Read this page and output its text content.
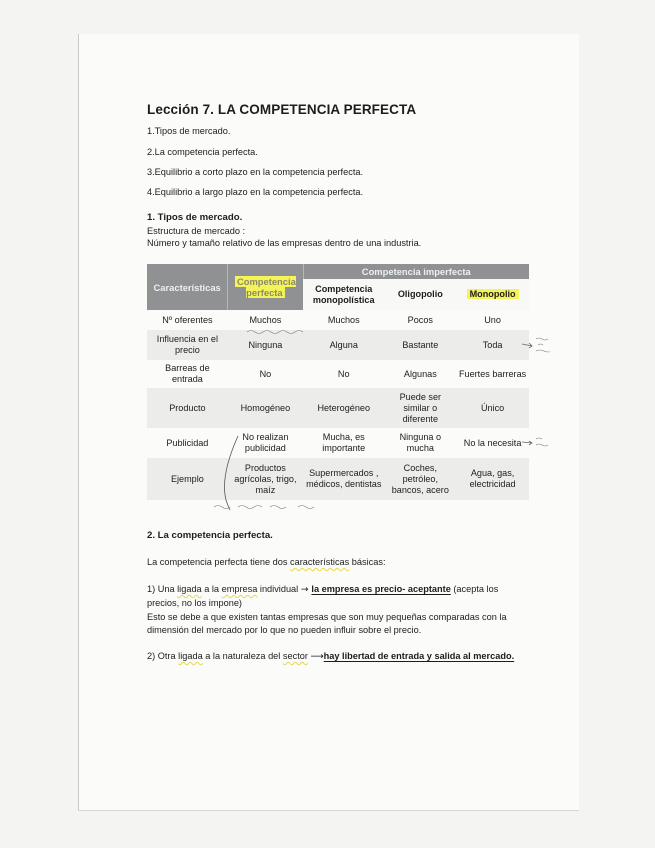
Lección 7. LA COMPETENCIA PERFECTA
1.Tipos de mercado.
2.La competencia perfecta.
3.Equilibrio a corto plazo en la competencia perfecta.
4.Equilibrio a largo plazo en la competencia perfecta.
1. Tipos de mercado.
Estructura de mercado :
Número y tamaño relativo de las empresas dentro de una industria.
Características	Competencia perfecta	Competencia imperfecta		
		Competencia monopolística	Oligopolio	Monopolio
Nº oferentes	Muchos	Muchos	Pocos	Uno
Influencia en el precio	Ninguna	Alguna	Bastante	Toda
Barreas de entrada	No	No	Algunas	Fuertes barreras
Producto	Homogéneo	Heterogéneo	Puede ser similar o diferente	Único
Publicidad	No realizan publicidad	Mucha, es importante	Ninguna o mucha	No la necesita
Ejemplo	Productos agrícolas, trigo, maíz	Supermercados , médicos, dentistas	Coches, petróleo, bancos, acero	Agua, gas, electricidad
2. La competencia perfecta.
La competencia perfecta tiene dos características básicas:
1) Una ligada a la empresa individual → la empresa es precio- aceptante (acepta los
precios, no los impone)
Esto se debe a que existen tantas empresas que son muy pequeñas comparadas con la
dimensión del mercado por lo que no pueden influir sobre el precio.
2) Otra ligada a la naturaleza del sector ⟶hay libertad de entrada y salida al mercado.
